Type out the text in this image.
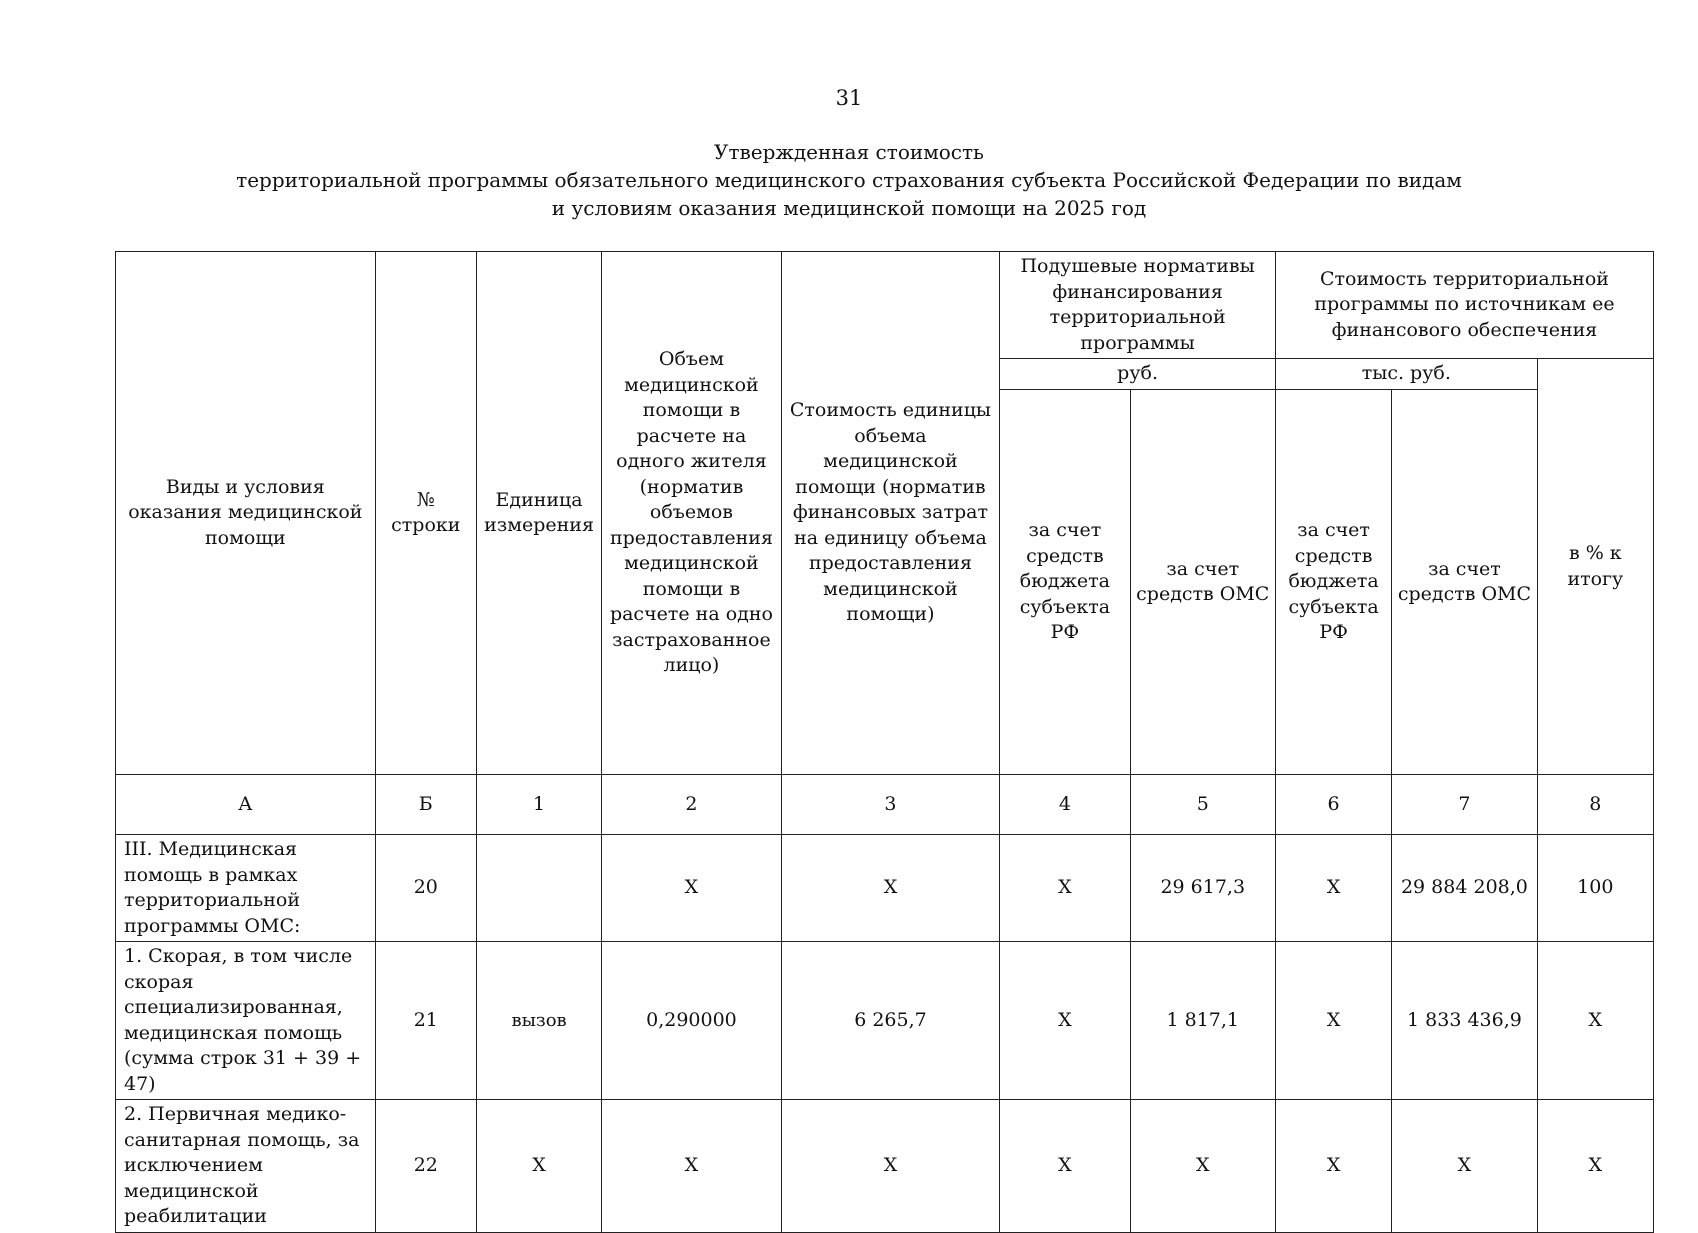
31
Утвержденная стоимость
территориальной программы обязательного медицинского страхования субъекта Российской Федерации по видам
и условиям оказания медицинской помощи на 2025 год
Виды и условия оказания медицинской помощи	№ строки	Единица измерения	Объем медицинской помощи в расчете на одного жителя (норматив объемов предоставления медицинской помощи в расчете на одно застрахованное лицо)	Стоимость единицы объема медицинской помощи (норматив финансовых затрат на единицу объема предоставления медицинской помощи)	Подушевые нормативы финансирования территориальной программы		Стоимость территориальной программы по источникам ее финансового обеспечения		
					руб.		тыс. руб.		в % к итогу
					за счет средств бюджета субъекта РФ	за счет средств ОМС	за счет средств бюджета субъекта РФ	за счет средств ОМС	
А	Б	1	2	3	4	5	6	7	8
III. Медицинская помощь в рамках территориальной программы ОМС:	20		X	X	X	29 617,3	X	29 884 208,0	100
1. Скорая, в том числе скорая специализированная, медицинская помощь (сумма строк 31 + 39 + 47)	21	вызов	0,290000	6 265,7	X	1 817,1	X	1 833 436,9	X
2. Первичная медико-санитарная помощь, за исключением медицинской реабилитации	22	X	X	X	X	X	X	X	X
